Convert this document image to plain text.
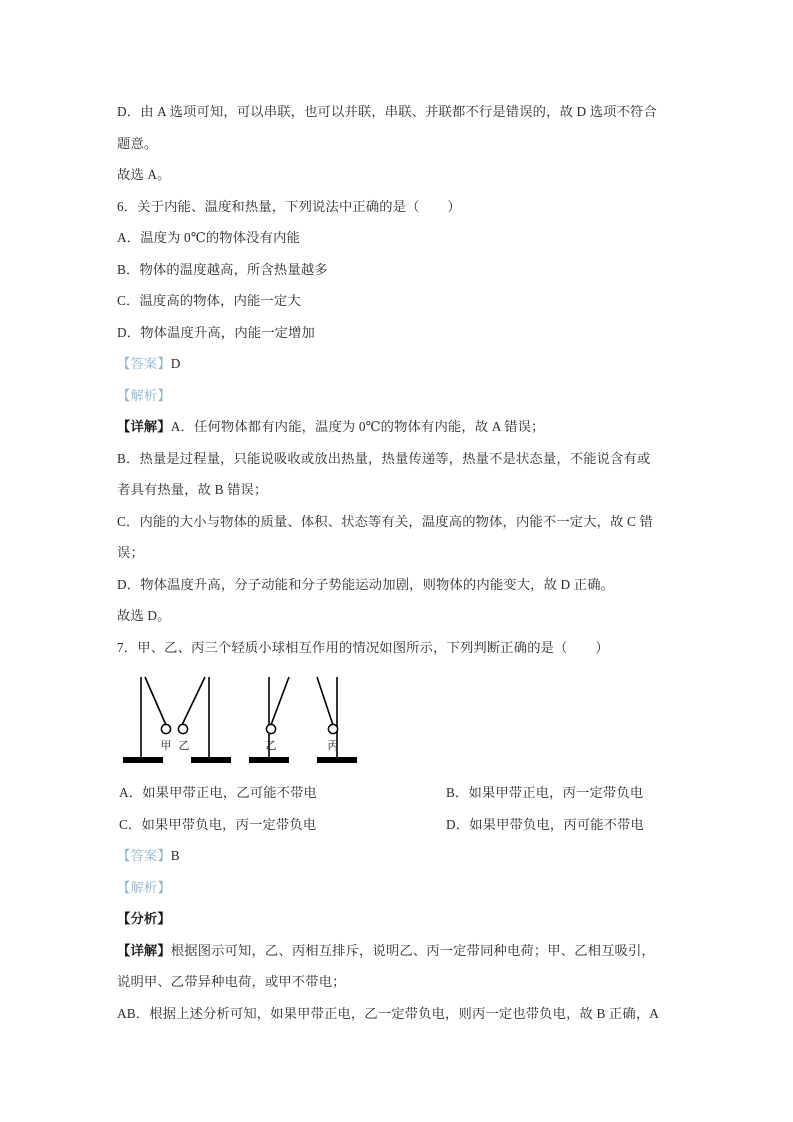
D．由 A 选项可知，可以串联，也可以并联，串联、并联都不行是错误的，故 D 选项不符合
题意。
故选 A。
6．关于内能、温度和热量，下列说法中正确的是（        ）
A．温度为 0℃的物体没有内能
B．物体的温度越高，所含热量越多
C．温度高的物体，内能一定大
D．物体温度升高，内能一定增加
【答案】D
【解析】
【详解】A．任何物体都有内能，温度为 0℃的物体有内能，故 A 错误；
B．热量是过程量，只能说吸收或放出热量，热量传递等，热量不是状态量，不能说含有或
者具有热量，故 B 错误；
C．内能的大小与物体的质量、体积、状态等有关，温度高的物体，内能不一定大，故 C 错
误；
D．物体温度升高，分子动能和分子势能运动加剧，则物体的内能变大，故 D 正确。
故选 D。
7．甲、乙、丙三个轻质小球相互作用的情况如图所示，下列判断正确的是（        ）
甲 乙	乙	丙
A．如果甲带正电，乙可能不带电	B．如果甲带正电，丙一定带负电
C．如果甲带负电，丙一定带负电	D．如果甲带负电，丙可能不带电
【答案】B
【解析】
【分析】
【详解】根据图示可知，乙、丙相互排斥，说明乙、丙一定带同种电荷；甲、乙相互吸引，
说明甲、乙带异种电荷，或甲不带电；
AB．根据上述分析可知，如果甲带正电，乙一定带负电，则丙一定也带负电，故 B 正确，A
